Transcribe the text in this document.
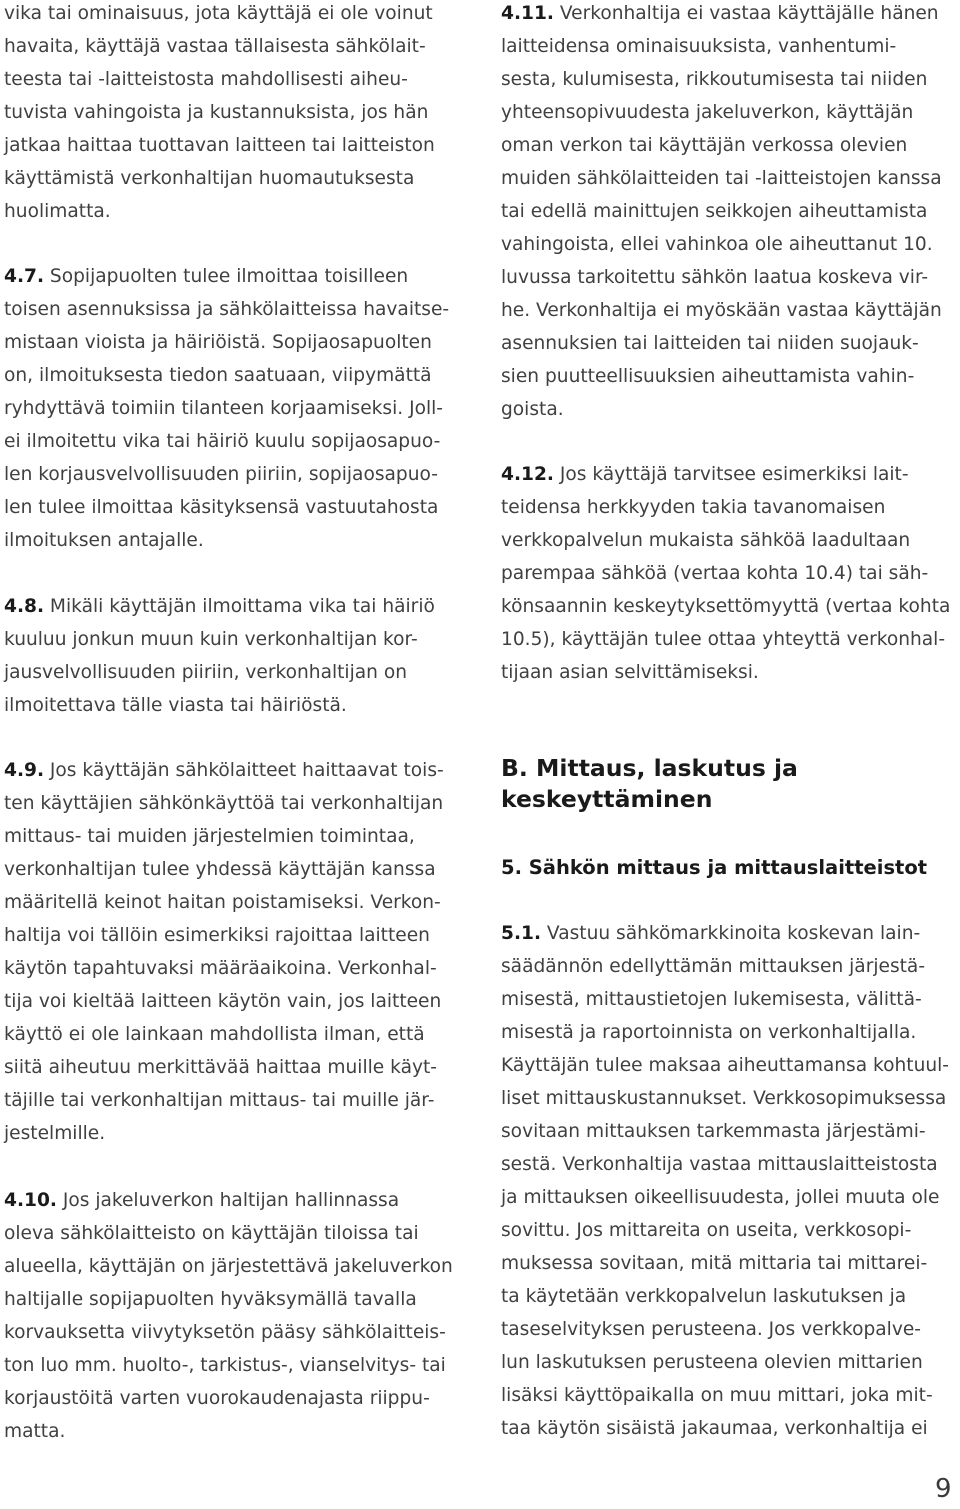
vika tai ominaisuus, jota käyttäjä ei ole voinut
havaita, käyttäjä vastaa tällaisesta sähkölait-
teesta tai -laitteistosta mahdollisesti aiheu-
tuvista vahingoista ja kustannuksista, jos hän
jatkaa haittaa tuottavan laitteen tai laitteiston
käyttämistä verkonhaltijan huomautuksesta
huolimatta.
4.7. Sopijapuolten tulee ilmoittaa toisilleen
toisen asennuksissa ja sähkölaitteissa havaitse-
mistaan vioista ja häiriöistä. Sopijaosapuolten
on, ilmoituksesta tiedon saatuaan, viipymättä
ryhdyttävä toimiin tilanteen korjaamiseksi. Joll-
ei ilmoitettu vika tai häiriö kuulu sopijaosapuo-
len korjausvelvollisuuden piiriin, sopijaosapuo-
len tulee ilmoittaa käsityksensä vastuutahosta
ilmoituksen antajalle.
4.8. Mikäli käyttäjän ilmoittama vika tai häiriö
kuuluu jonkun muun kuin verkonhaltijan kor-
jausvelvollisuuden piiriin, verkonhaltijan on
ilmoitettava tälle viasta tai häiriöstä.
4.9. Jos käyttäjän sähkölaitteet haittaavat tois-
ten käyttäjien sähkönkäyttöä tai verkonhaltijan
mittaus- tai muiden järjestelmien toimintaa,
verkonhaltijan tulee yhdessä käyttäjän kanssa
määritellä keinot haitan poistamiseksi. Verkon-
haltija voi tällöin esimerkiksi rajoittaa laitteen
käytön tapahtuvaksi määräaikoina. Verkonhal-
tija voi kieltää laitteen käytön vain, jos laitteen
käyttö ei ole lainkaan mahdollista ilman, että
siitä aiheutuu merkittävää haittaa muille käyt-
täjille tai verkonhaltijan mittaus- tai muille jär-
jestelmille.
4.10. Jos jakeluverkon haltijan hallinnassa
oleva sähkölaitteisto on käyttäjän tiloissa tai
alueella, käyttäjän on järjestettävä jakeluverkon
haltijalle sopijapuolten hyväksymällä tavalla
korvauksetta viivytyksetön pääsy sähkölaitteis-
ton luo mm. huolto-, tarkistus-, vianselvitys- tai
korjaustöitä varten vuorokaudenajasta riippu-
matta.
4.11. Verkonhaltija ei vastaa käyttäjälle hänen
laitteidensa ominaisuuksista, vanhentumi-
sesta, kulumisesta, rikkoutumisesta tai niiden
yhteensopivuudesta jakeluverkon, käyttäjän
oman verkon tai käyttäjän verkossa olevien
muiden sähkölaitteiden tai -laitteistojen kanssa
tai edellä mainittujen seikkojen aiheuttamista
vahingoista, ellei vahinkoa ole aiheuttanut 10.
luvussa tarkoitettu sähkön laatua koskeva vir-
he. Verkonhaltija ei myöskään vastaa käyttäjän
asennuksien tai laitteiden tai niiden suojauk-
sien puutteellisuuksien aiheuttamista vahin-
goista.
4.12. Jos käyttäjä tarvitsee esimerkiksi lait-
teidensa herkkyyden takia tavanomaisen
verkkopalvelun mukaista sähköä laadultaan
parempaa sähköä (vertaa kohta 10.4) tai säh-
könsaannin keskeytyksettömyyttä (vertaa kohta
10.5), käyttäjän tulee ottaa yhteyttä verkonhal-
tijaan asian selvittämiseksi.
B. Mittaus, laskutus ja
keskeyttäminen
5. Sähkön mittaus ja mittauslaitteistot
5.1. Vastuu sähkömarkkinoita koskevan lain-
säädännön edellyttämän mittauksen järjestä-
misestä, mittaustietojen lukemisesta, välittä-
misestä ja raportoinnista on verkonhaltijalla.
Käyttäjän tulee maksaa aiheuttamansa kohtuul-
liset mittauskustannukset. Verkkosopimuksessa
sovitaan mittauksen tarkemmasta järjestämi-
sestä. Verkonhaltija vastaa mittauslaitteistosta
ja mittauksen oikeellisuudesta, jollei muuta ole
sovittu. Jos mittareita on useita, verkkosopi-
muksessa sovitaan, mitä mittaria tai mittarei-
ta käytetään verkkopalvelun laskutuksen ja
taseselvityksen perusteena. Jos verkkopalve-
lun laskutuksen perusteena olevien mittarien
lisäksi käyttöpaikalla on muu mittari, joka mit-
taa käytön sisäistä jakaumaa, verkonhaltija ei
9
